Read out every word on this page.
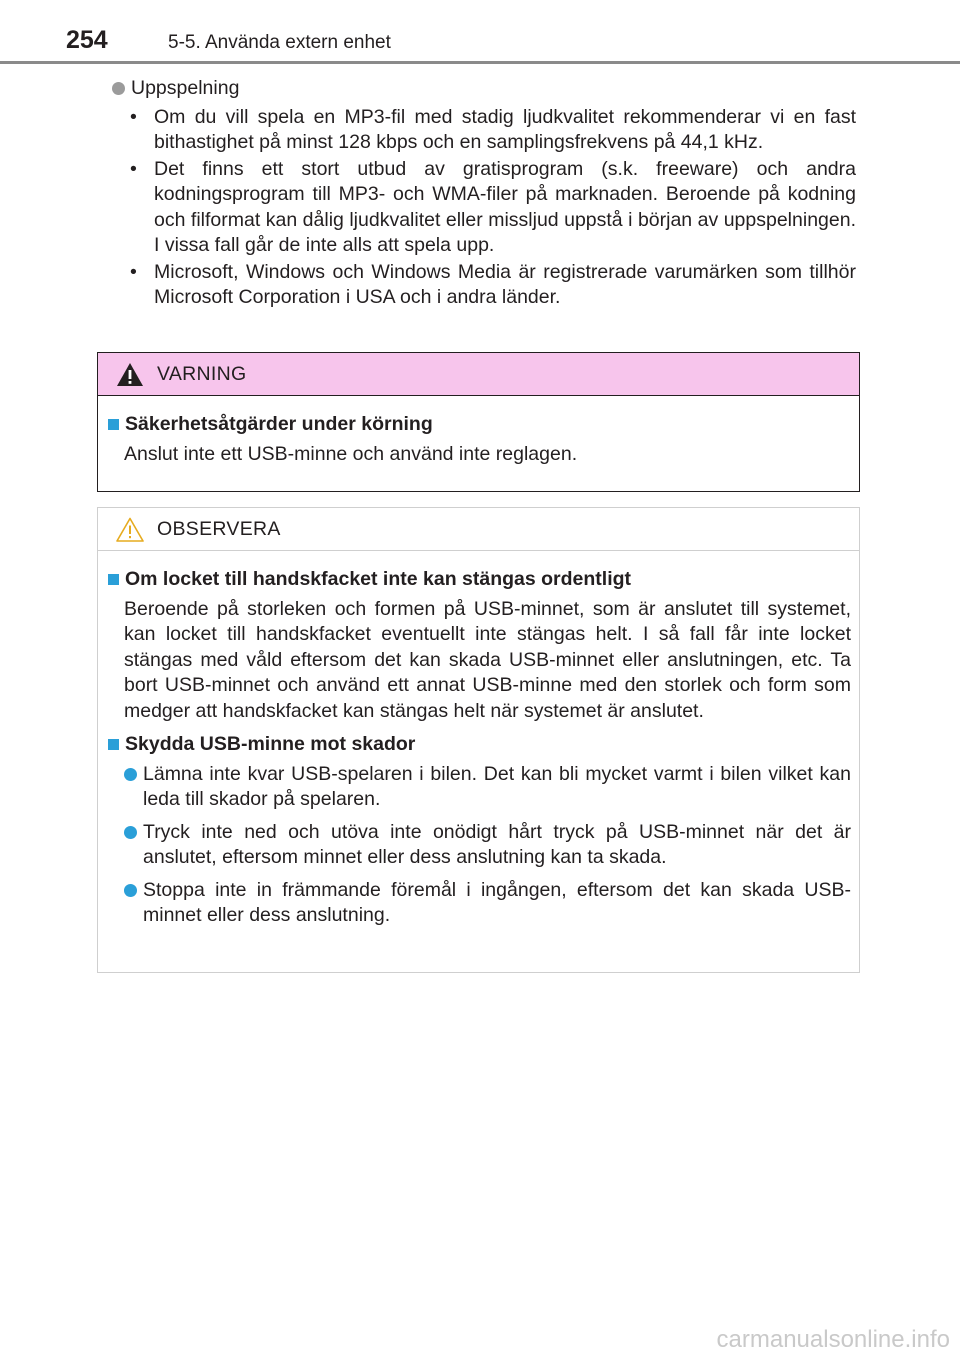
254	5-5. Använda extern enhet
Uppspelning
• Om du vill spela en MP3-fil med stadig ljudkvalitet rekommenderar vi en fast bithastighet på minst 128 kbps och en samplingsfrekvens på 44,1 kHz.
• Det finns ett stort utbud av gratisprogram (s.k. freeware) och andra kodningsprogram till MP3- och WMA-filer på marknaden. Beroende på kodning och filformat kan dålig ljudkvalitet eller missljud uppstå i början av uppspelningen. I vissa fall går de inte alls att spela upp.
• Microsoft, Windows och Windows Media är registrerade varumärken som tillhör Microsoft Corporation i USA och i andra länder.
VARNING
Säkerhetsåtgärder under körning
Anslut inte ett USB-minne och använd inte reglagen.
OBSERVERA
Om locket till handskfacket inte kan stängas ordentligt
Beroende på storleken och formen på USB-minnet, som är anslutet till systemet, kan locket till handskfacket eventuellt inte stängas helt. I så fall får inte locket stängas med våld eftersom det kan skada USB-minnet eller anslutningen, etc. Ta bort USB-minnet och använd ett annat USB-minne med den storlek och form som medger att handskfacket kan stängas helt när systemet är anslutet.
Skydda USB-minne mot skador
Lämna inte kvar USB-spelaren i bilen. Det kan bli mycket varmt i bilen vilket kan leda till skador på spelaren.
Tryck inte ned och utöva inte onödigt hårt tryck på USB-minnet när det är anslutet, eftersom minnet eller dess anslutning kan ta skada.
Stoppa inte in främmande föremål i ingången, eftersom det kan skada USB-minnet eller dess anslutning.
carmanualsonline.info
